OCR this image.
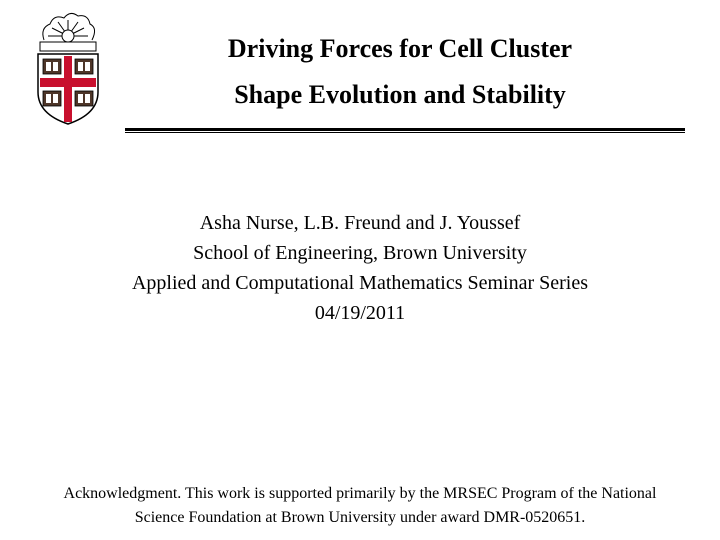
Driving Forces for Cell Cluster
Shape Evolution and Stability
Asha Nurse, L.B. Freund and J. Youssef
School of Engineering, Brown University
Applied and Computational Mathematics Seminar Series
04/19/2011
Acknowledgment. This work is supported primarily by the MRSEC Program of the National
Science Foundation at Brown University under award DMR-0520651.
